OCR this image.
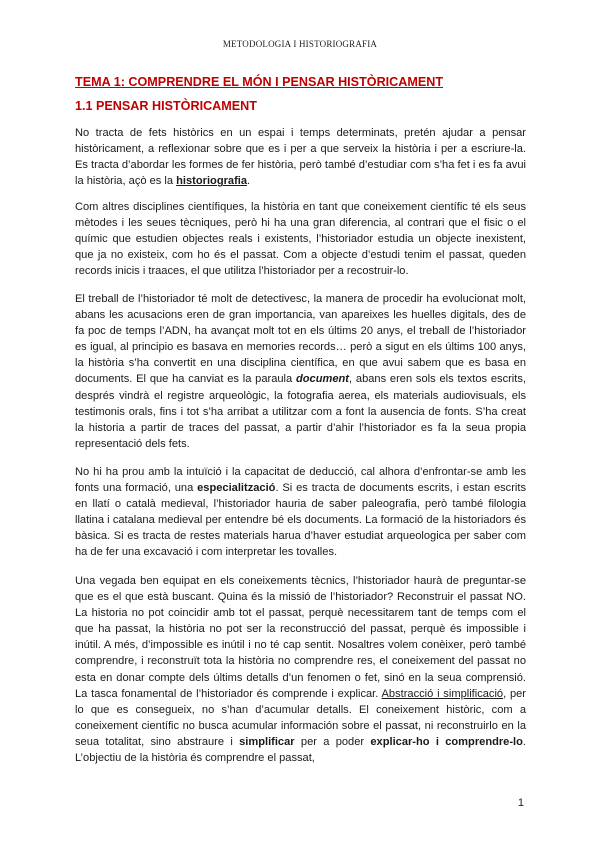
METODOLOGIA I HISTORIOGRAFIA
TEMA 1: COMPRENDRE EL MÓN I PENSAR HISTÒRICAMENT
1.1 PENSAR HISTÒRICAMENT

No tracta de fets històrics en un espai i temps determinats, pretén ajudar a pensar històricament, a reflexionar sobre que es i per a que serveix la història i per a escriure-la. Es tracta d’abordar les formes de fer història, però també d’estudiar com s’ha fet i es fa avui la història, açò es la historiografia.

Com altres disciplines científiques, la història en tant que coneixement científic té els seus mètodes i les seues tècniques, però hi ha una gran diferencia, al contrari que el fisic o el químic que estudien objectes reals i existents, l’historiador estudia un objecte inexistent, que ja no existeix, com ho és el passat. Com a objecte d’estudi tenim el passat, queden records inicis i traaces, el que utilitza l’historiador per a recostruir-lo.

El treball de l’historiador té molt de detectivesc, la manera de procedir ha evolucionat molt, abans les acusacions eren de gran importancia, van apareixes les huelles digitals, des de fa poc de temps l’ADN, ha avançat molt tot en els últims 20 anys, el treball de l’historiador es igual, al principio es basava en memories records… però a sigut en els últims 100 anys, la història s’ha convertit en una disciplina científica, en que avui sabem que es basa en documents. El que ha canviat es la paraula document, abans eren sols els textos escrits, després vindrà el registre arqueològic, la fotografia aerea, els materials audiovisuals, els testimonis orals, fins i tot s’ha arribat a utilitzar com a font la ausencia de fonts. S’ha creat la historia a partir de traces del passat, a partir d’ahir l’historiador es fa la seua propia representació dels fets.

No hi ha prou amb la intuïció i la capacitat de deducció, cal alhora d’enfrontar-se amb les fonts una formació, una especialització. Si es tracta de documents escrits, i estan escrits en llatí o català medieval, l’historiador hauria de saber paleografia, però també filologia llatina i catalana medieval per entendre bé els documents. La formació de la historiadors és bàsica. Si es tracta de restes materials harua d’haver estudiat arqueologica per saber com ha de fer una excavació i com interpretar les tovalles.

Una vegada ben equipat en els coneixements tècnics, l’historiador haurà de preguntar-se que es el que està buscant. Quina és la missió de l’historiador? Reconstruir el passat NO. La historia no pot coincidir amb tot el passat, perquè necessitarem tant de temps com el que ha passat, la història no pot ser la reconstrucció del passat, perquè és impossible i inútil. A més, d’impossible es inútil i no té cap sentit. Nosaltres volem conèixer, però també comprendre, i reconstruït tota la història no comprendre res, el coneixement del passat no esta en donar compte dels últims detalls d’un fenomen o fet, sinó en la seua comprensió. La tasca fonamental de l’historiador és comprende i explicar. Abstracció i simplificació, per lo que es consegueix, no s’han d’acumular detalls. El coneixement històric, com a coneixement científic no busca acumular información sobre el passat, ni reconstruirlo en la seua totalitat, sino abstraure i simplificar per a poder explicar-ho i comprendre-lo. L’objectiu de la història és comprendre el passat,

1
